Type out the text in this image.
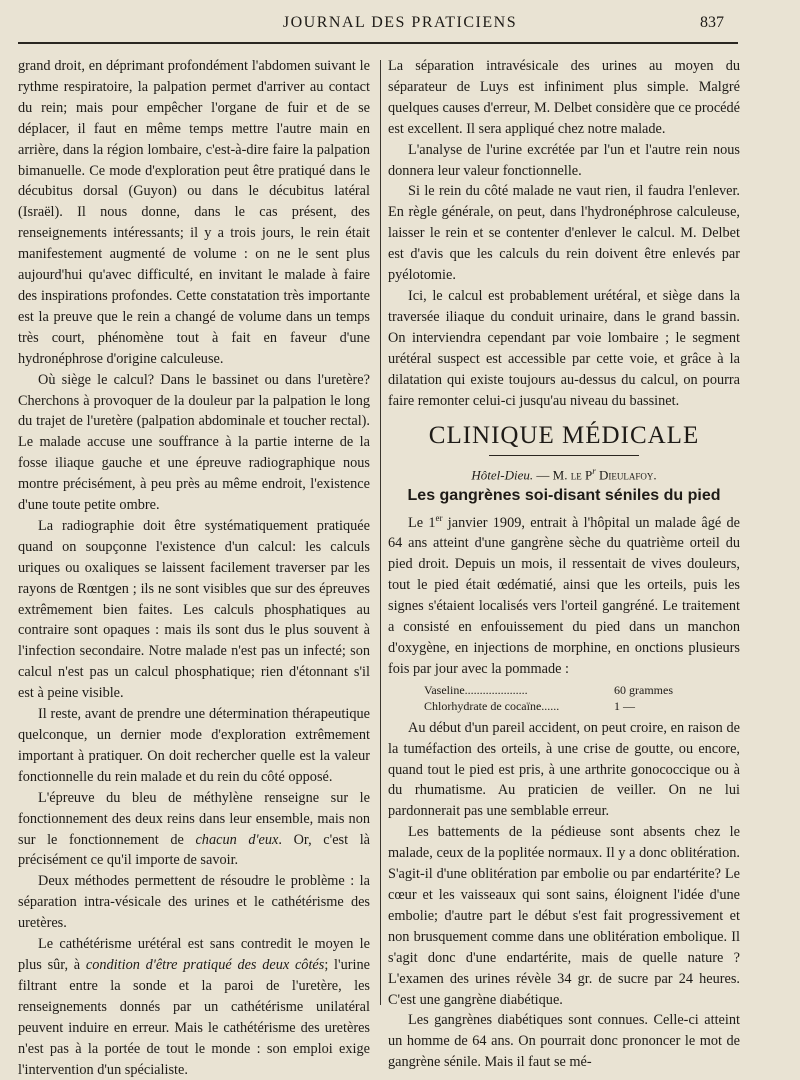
JOURNAL DES PRATICIENS	837

grand droit, en déprimant profondément l'abdomen suivant le rythme respiratoire, la palpation permet d'arriver au contact du rein; mais pour empêcher l'organe de fuir et de se déplacer, il faut en même temps mettre l'autre main en arrière, dans la région lombaire, c'est-à-dire faire la palpation bimanuelle. Ce mode d'exploration peut être pratiqué dans le décubitus dorsal (Guyon) ou dans le décubitus latéral (Israël). Il nous donne, dans le cas présent, des renseignements intéressants; il y a trois jours, le rein était manifestement augmenté de volume : on ne le sent plus aujourd'hui qu'avec difficulté, en invitant le malade à faire des inspirations profondes. Cette constatation très importante est la preuve que le rein a changé de volume dans un temps très court, phénomène tout à fait en faveur d'une hydronéphrose d'origine calculeuse.

Où siège le calcul? Dans le bassinet ou dans l'uretère? Cherchons à provoquer de la douleur par la palpation le long du trajet de l'uretère (palpation abdominale et toucher rectal). Le malade accuse une souffrance à la partie interne de la fosse iliaque gauche et une épreuve radiographique nous montre précisément, à peu près au même endroit, l'existence d'une toute petite ombre.

La radiographie doit être systématiquement pratiquée quand on soupçonne l'existence d'un calcul: les calculs uriques ou oxaliques se laissent facilement traverser par les rayons de Rœntgen ; ils ne sont visibles que sur des épreuves extrêmement bien faites. Les calculs phosphatiques au contraire sont opaques : mais ils sont dus le plus souvent à l'infection secondaire. Notre malade n'est pas un infecté; son calcul n'est pas un calcul phosphatique; rien d'étonnant s'il est à peine visible.

Il reste, avant de prendre une détermination thérapeutique quelconque, un dernier mode d'exploration extrêmement important à pratiquer. On doit rechercher quelle est la valeur fonctionnelle du rein malade et du rein du côté opposé.

L'épreuve du bleu de méthylène renseigne sur le fonctionnement des deux reins dans leur ensemble, mais non sur le fonctionnement de chacun d'eux. Or, c'est là précisément ce qu'il importe de savoir.

Deux méthodes permettent de résoudre le problème : la séparation intra-vésicale des urines et le cathétérisme des uretères.

Le cathétérisme urétéral est sans contredit le moyen le plus sûr, à condition d'être pratiqué des deux côtés; l'urine filtrant entre la sonde et la paroi de l'uretère, les renseignements donnés par un cathétérisme unilatéral peuvent induire en erreur. Mais le cathétérisme des uretères n'est pas à la portée de tout le monde : son emploi exige l'intervention d'un spécialiste.

La séparation intravésicale des urines au moyen du séparateur de Luys est infiniment plus simple. Malgré quelques causes d'erreur, M. Delbet considère que ce procédé est excellent. Il sera appliqué chez notre malade.

L'analyse de l'urine excrétée par l'un et l'autre rein nous donnera leur valeur fonctionnelle.

Si le rein du côté malade ne vaut rien, il faudra l'enlever. En règle générale, on peut, dans l'hydronéphrose calculeuse, laisser le rein et se contenter d'enlever le calcul. M. Delbet est d'avis que les calculs du rein doivent être enlevés par pyélotomie.

Ici, le calcul est probablement urétéral, et siège dans la traversée iliaque du conduit urinaire, dans le grand bassin. On interviendra cependant par voie lombaire ; le segment urétéral suspect est accessible par cette voie, et grâce à la dilatation qui existe toujours au-dessus du calcul, on pourra faire remonter celui-ci jusqu'au niveau du bassinet.

CLINIQUE MÉDICALE
Hôtel-Dieu. — M. le $P^r$ Dieulafoy.
Les gangrènes soi-disant séniles du pied

Le 1er janvier 1909, entrait à l'hôpital un malade âgé de 64 ans atteint d'une gangrène sèche du quatrième orteil du pied droit. Depuis un mois, il ressentait de vives douleurs, tout le pied était œdématié, ainsi que les orteils, puis les signes s'étaient localisés vers l'orteil gangréné. Le traitement a consisté en enfouissement du pied dans un manchon d'oxygène, en injections de morphine, en onctions plusieurs fois par jour avec la pommade :

Vaseline.....................	60 grammes
Chlorhydrate de cocaïne......	1 —

Au début d'un pareil accident, on peut croire, en raison de la tuméfaction des orteils, à une crise de goutte, ou encore, quand tout le pied est pris, à une arthrite gonococcique ou à du rhumatisme. Au praticien de veiller. On ne lui pardonnerait pas une semblable erreur.

Les battements de la pédieuse sont absents chez le malade, ceux de la poplitée normaux. Il y a donc oblitération. S'agit-il d'une oblitération par embolie ou par endartérite? Le cœur et les vaisseaux qui sont sains, éloignent l'idée d'une embolie; d'autre part le début s'est fait progressivement et non brusquement comme dans une oblitération embolique. Il s'agit donc d'une endartérite, mais de quelle nature ? L'examen des urines révèle 34 gr. de sucre par 24 heures. C'est une gangrène diabétique.

Les gangrènes diabétiques sont connues. Celle-ci atteint un homme de 64 ans. On pourrait donc prononcer le mot de gangrène sénile. Mais il faut se mé-
